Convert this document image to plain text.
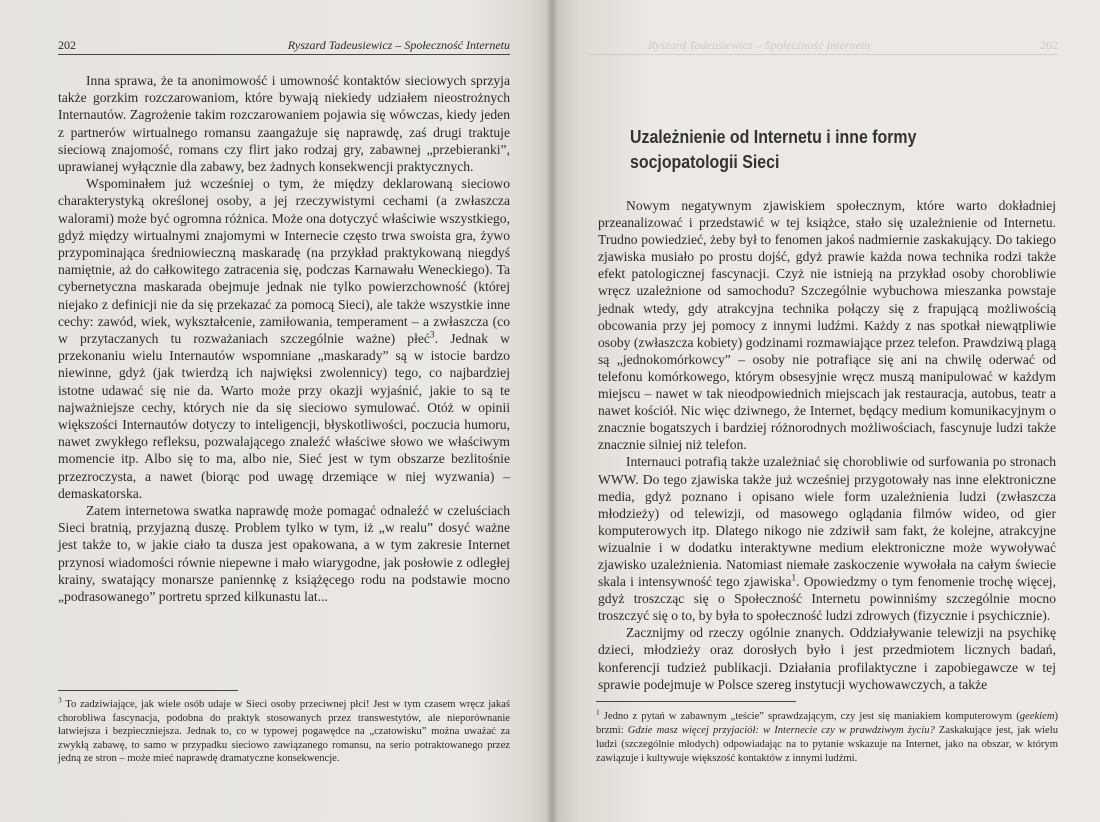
202	Ryszard Tadeusiewicz – Społeczność Internetu

Inna sprawa, że ta anonimowość i umowność kontaktów sieciowych sprzyja także gorzkim rozczarowaniom, które bywają niekiedy udziałem nieostrożnych Internautów. Zagrożenie takim rozczarowaniem pojawia się wówczas, kiedy jeden z partnerów wirtualnego romansu zaangażuje się naprawdę, zaś drugi traktuje sieciową znajomość, romans czy flirt jako rodzaj gry, zabawnej „przebieranki”, uprawianej wyłącznie dla zabawy, bez żadnych konsekwencji praktycznych.

Wspominałem już wcześniej o tym, że między deklarowaną sieciowo charakterystyką określonej osoby, a jej rzeczywistymi cechami (a zwłaszcza walorami) może być ogromna różnica. Może ona dotyczyć właściwie wszystkiego, gdyż między wirtualnymi znajomymi w Internecie często trwa swoista gra, żywo przypominająca średniowieczną maskaradę (na przykład praktykowaną niegdyś namiętnie, aż do całkowitego zatracenia się, podczas Karnawału Weneckiego). Ta cybernetyczna maskarada obejmuje jednak nie tylko powierzchowność (której niejako z definicji nie da się przekazać za pomocą Sieci), ale także wszystkie inne cechy: zawód, wiek, wykształcenie, zamiłowania, temperament – a zwłaszcza (co w przytaczanych tu rozważaniach szczególnie ważne) płeć$^3$. Jednak w przekonaniu wielu Internautów wspomniane „maskarady” są w istocie bardzo niewinne, gdyż (jak twierdzą ich najwięksi zwolennicy) tego, co najbardziej istotne udawać się nie da. Warto może przy okazji wyjaśnić, jakie to są te najważniejsze cechy, których nie da się sieciowo symulować. Otóż w opinii większości Internautów dotyczy to inteligencji, błyskotliwości, poczucia humoru, nawet zwykłego refleksu, pozwalającego znaleźć właściwe słowo we właściwym momencie itp. Albo się to ma, albo nie, Sieć jest w tym obszarze bezlitośnie przezroczysta, a nawet (biorąc pod uwagę drzemiące w niej wyzwania) – demaskatorska.

Zatem internetowa swatka naprawdę może pomagać odnaleźć w czeluściach Sieci bratnią, przyjazną duszę. Problem tylko w tym, iż „w realu” dosyć ważne jest także to, w jakie ciało ta dusza jest opakowana, a w tym zakresie Internet przynosi wiadomości równie niepewne i mało wiarygodne, jak posłowie z odległej krainy, swatający monarsze paniennkę z książęcego rodu na podstawie mocno „podrasowanego” portretu sprzed kilkunastu lat...

$^3$ To zadziwiające, jak wiele osób udaje w Sieci osoby przeciwnej płci! Jest w tym czasem wręcz jakaś chorobliwa fascynacja, podobna do praktyk stosowanych przez transwestytów, ale nieporównanie łatwiejsza i bezpieczniejsza. Jednak to, co w typowej pogawędce na „czatowisku” można uważać za zwykłą zabawę, to samo w przypadku sieciowo zawiązanego romansu, na serio potraktowanego przez jedną ze stron – może mieć naprawdę dramatyczne konsekwencje.

Ryszard Tadeusiewicz – Społeczność Internetu	202
Uzależnienie od Internetu i inne formy socjopatologii Sieci

Nowym negatywnym zjawiskiem społecznym, które warto dokładniej przeanalizować i przedstawić w tej książce, stało się uzależnienie od Internetu. Trudno powiedzieć, żeby był to fenomen jakoś nadmiernie zaskakujący. Do takiego zjawiska musiało po prostu dojść, gdyż prawie każda nowa technika rodzi także efekt patologicznej fascynacji. Czyż nie istnieją na przykład osoby chorobliwie wręcz uzależnione od samochodu? Szczególnie wybuchowa mieszanka powstaje jednak wtedy, gdy atrakcyjna technika połączy się z frapującą możliwością obcowania przy jej pomocy z innymi ludźmi. Każdy z nas spotkał niewątpliwie osoby (zwłaszcza kobiety) godzinami rozmawiające przez telefon. Prawdziwą plagą są „jednokomórkowcy” – osoby nie potrafiące się ani na chwilę oderwać od telefonu komórkowego, którym obsesyjnie wręcz muszą manipulować w każdym miejscu – nawet w tak nieodpowiednich miejscach jak restauracja, autobus, teatr a nawet kościół. Nic więc dziwnego, że Internet, będący medium komunikacyjnym o znacznie bogatszych i bardziej różnorodnych możliwościach, fascynuje ludzi także znacznie silniej niż telefon.

Internauci potrafią także uzależniać się chorobliwie od surfowania po stronach WWW. Do tego zjawiska także już wcześniej przygotowały nas inne elektroniczne media, gdyż poznano i opisano wiele form uzależnienia ludzi (zwłaszcza młodzieży) od telewizji, od masowego oglądania filmów wideo, od gier komputerowych itp. Dlatego nikogo nie zdziwił sam fakt, że kolejne, atrakcyjne wizualnie i w dodatku interaktywne medium elektroniczne może wywoływać zjawisko uzależnienia. Natomiast niemałe zaskoczenie wywołała na całym świecie skala i intensywność tego zjawiska$^1$. Opowiedzmy o tym fenomenie trochę więcej, gdyż troszcząc się o Społeczność Internetu powinniśmy szczególnie mocno troszczyć się o to, by była to społeczność ludzi zdrowych (fizycznie i psychicznie).

Zacznijmy od rzeczy ogólnie znanych. Oddziaływanie telewizji na psychikę dzieci, młodzieży oraz dorosłych było i jest przedmiotem licznych badań, konferencji tudzież publikacji. Działania profilaktyczne i zapobiegawcze w tej sprawie podejmuje w Polsce szereg instytucji wychowawczych, a także

$^1$ Jedno z pytań w zabawnym „teście” sprawdzającym, czy jest się maniakiem komputerowym (geekiem) brzmi: Gdzie masz więcej przyjaciół: w Internecie czy w prawdziwym życiu? Zaskakujące jest, jak wielu ludzi (szczególnie młodych) odpowiadając na to pytanie wskazuje na Internet, jako na obszar, w którym zawiązuje i kultywuje większość kontaktów z innymi ludźmi.
